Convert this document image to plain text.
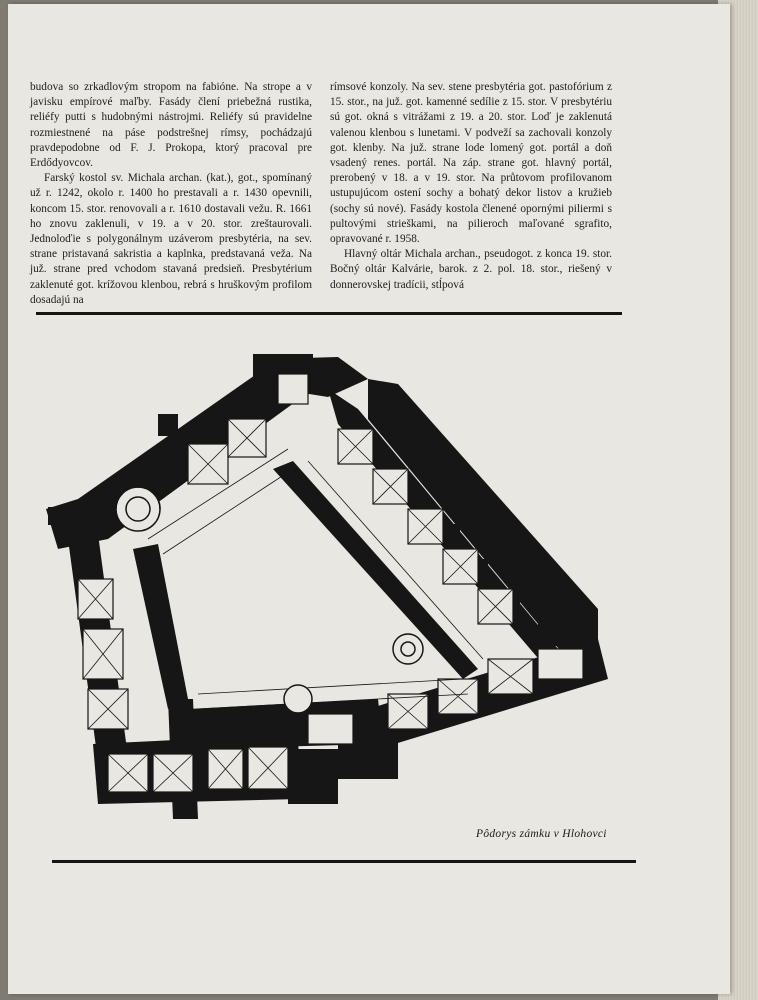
budova so zrkadlovým stropom na fabióne. Na strope a v javisku empírové maľby. Fasády člení priebežná rustika, reliéfy putti s hudobnými nástrojmi. Reliéfy sú pravidelne rozmiestnené na páse podstrešnej rímsy, pochádzajú pravdepodobne od F. J. Prokopa, ktorý pracoval pre Erdődyovcov.

Farský kostol sv. Michala archan. (kat.), got., spomínaný už r. 1242, okolo r. 1400 ho prestavali a r. 1430 opevnili, koncom 15. stor. renovovali a r. 1610 dostavali vežu. R. 1661 ho znovu zaklenuli, v 19. a v 20. stor. zreštaurovali. Jednoloďie s polygonálnym uzáverom presbytéria, na sev. strane pristavaná sakristia a kaplnka, predstavaná veža. Na juž. strane pred vchodom stavaná predsieň. Presbytérium zaklenuté got. krížovou klenbou, rebrá s hruškovým profilom dosadajú na

rímsové konzoly. Na sev. stene presbytéria got. pastofórium z 15. stor., na juž. got. kamenné sedílie z 15. stor. V presbytériu sú got. okná s vitrážami z 19. a 20. stor. Loď je zaklenutá valenou klenbou s lunetami. V podveží sa zachovali konzoly got. klenby. Na juž. strane lode lomený got. portál a doň vsadený renes. portál. Na záp. strane got. hlavný portál, prerobený v 18. a v 19. stor. Na průtovom profilovanom ustupujúcom ostení sochy a bohatý dekor listov a kružieb (sochy sú nové). Fasády kostola členené opornými piliermi s pultovými strieškami, na pilieroch maľované sgrafito, opravované r. 1958.

Hlavný oltár Michala archan., pseudogot. z konca 19. stor. Bočný oltár Kalvárie, barok. z 2. pol. 18. stor., riešený v donnerovskej tradícii, stĺpová

Pôdorys zámku v Hlohovci
